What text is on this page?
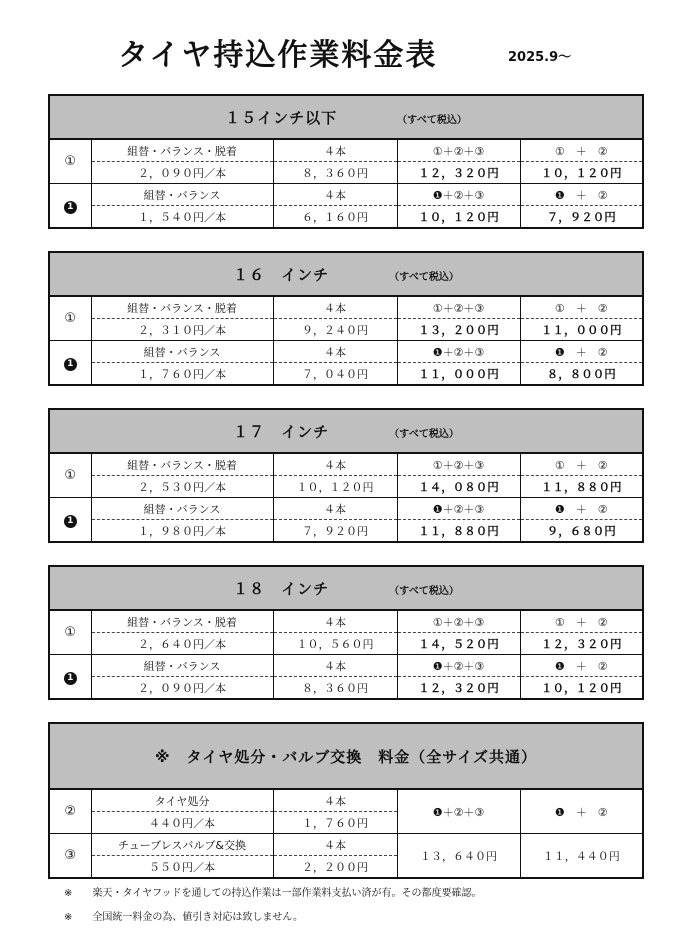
タイヤ持込作業料金表	2025.9～
１５インチ以下 （すべて税込）				
①	組替・バランス・脱着	４本	①＋②＋③	①　＋　②
	２，０９０円／本	８，３６０円	１２，３２０円	１０，１２０円
1	組替・バランス	４本	❶＋②＋③	❶　＋　②
	１，５４０円／本	６，１６０円	１０，１２０円	７，９２０円
１６　インチ （すべて税込）				
①	組替・バランス・脱着	４本	①＋②＋③	①　＋　②
	２，３１０円／本	９，２４０円	１３，２００円	１１，０００円
1	組替・バランス	４本	❶＋②＋③	❶　＋　②
	１，７６０円／本	７，０４０円	１１，０００円	８，８００円
１７　インチ （すべて税込）				
①	組替・バランス・脱着	４本	①＋②＋③	①　＋　②
	２，５３０円／本	１０，１２０円	１４，０８０円	１１，８８０円
1	組替・バランス	４本	❶＋②＋③	❶　＋　②
	１，９８０円／本	７，９２０円	１１，８８０円	９，６８０円
１８　インチ （すべて税込）				
①	組替・バランス・脱着	４本	①＋②＋③	①　＋　②
	２，６４０円／本	１０，５６０円	１４，５２０円	１２，３２０円
1	組替・バランス	４本	❶＋②＋③	❶　＋　②
	２，０９０円／本	８，３６０円	１２，３２０円	１０，１２０円
※　タイヤ処分・バルブ交換　料金（全サイズ共通）				
②	タイヤ処分	４本	❶＋②＋③	❶　＋　②
	４４０円／本	１，７６０円		
③	チューブレスバルブ&交換	４本	１３，６４０円	１１，４４０円
	５５０円／本	２，２００円		
※　　楽天・タイヤフッドを通しての持込作業は一部作業料支払い済が有。その都度要確認。
※　　全国統一料金の為、値引き対応は致しません。
